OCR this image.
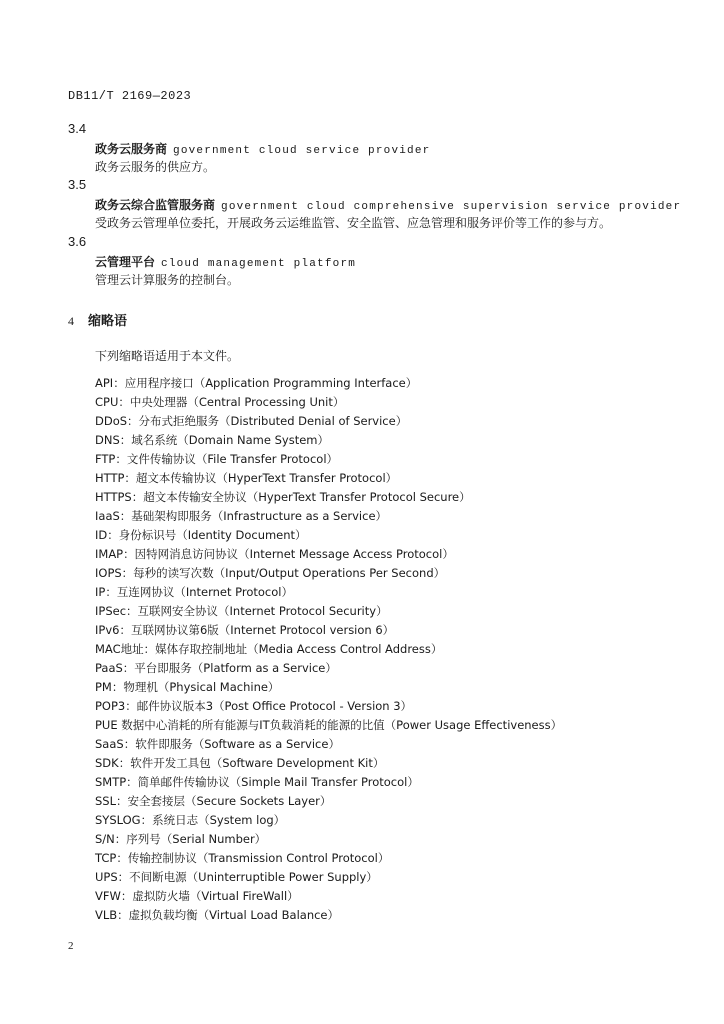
DB11/T 2169—2023
3.4
政务云服务商 government cloud service provider
政务云服务的供应方。
3.5
政务云综合监管服务商 government cloud comprehensive supervision service provider
受政务云管理单位委托，开展政务云运维监管、安全监管、应急管理和服务评价等工作的参与方。
3.6
云管理平台 cloud management platform
管理云计算服务的控制台。
4 缩略语
下列缩略语适用于本文件。
API：应用程序接口（Application Programming Interface）
CPU：中央处理器（Central Processing Unit）
DDoS：分布式拒绝服务（Distributed Denial of Service）
DNS：域名系统（Domain Name System）
FTP：文件传输协议（File Transfer Protocol）
HTTP：超文本传输协议（HyperText Transfer Protocol）
HTTPS：超文本传输安全协议（HyperText Transfer Protocol Secure）
IaaS：基础架构即服务（Infrastructure as a Service）
ID：身份标识号（Identity Document）
IMAP：因特网消息访问协议（Internet Message Access Protocol）
IOPS：每秒的读写次数（Input/Output Operations Per Second）
IP：互连网协议（Internet Protocol）
IPSec：互联网安全协议（Internet Protocol Security）
IPv6：互联网协议第6版（Internet Protocol version 6）
MAC地址：媒体存取控制地址（Media Access Control Address）
PaaS：平台即服务（Platform as a Service）
PM：物理机（Physical Machine）
POP3：邮件协议版本3（Post Office Protocol - Version 3）
PUE 数据中心消耗的所有能源与IT负载消耗的能源的比值（Power Usage Effectiveness）
SaaS：软件即服务（Software as a Service）
SDK：软件开发工具包（Software Development Kit）
SMTP：简单邮件传输协议（Simple Mail Transfer Protocol）
SSL：安全套接层（Secure Sockets Layer）
SYSLOG：系统日志（System log）
S/N：序列号（Serial Number）
TCP：传输控制协议（Transmission Control Protocol）
UPS：不间断电源（Uninterruptible Power Supply）
VFW：虚拟防火墙（Virtual FireWall）
VLB：虚拟负载均衡（Virtual Load Balance）
2
